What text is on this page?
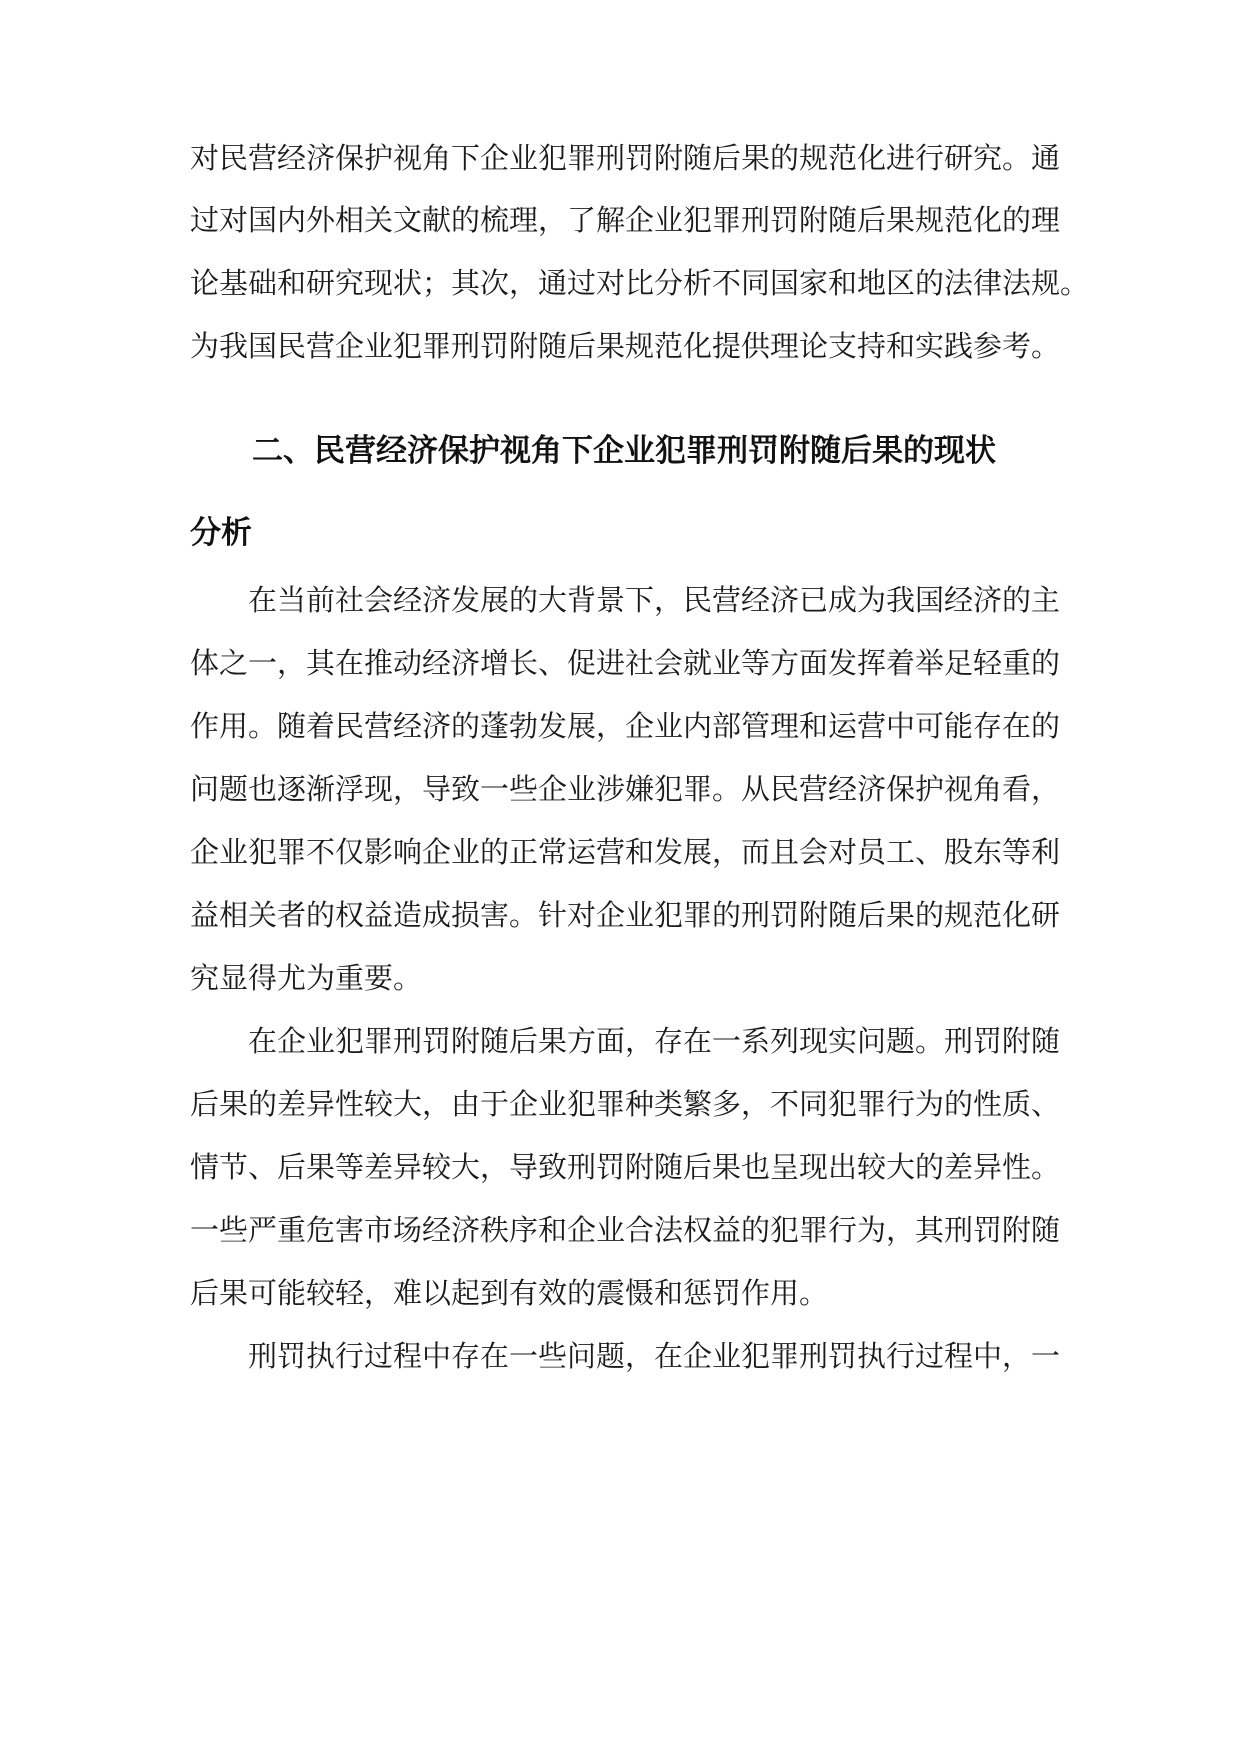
对民营经济保护视角下企业犯罪刑罚附随后果的规范化进行研究。通
过对国内外相关文献的梳理，了解企业犯罪刑罚附随后果规范化的理
论基础和研究现状；其次，通过对比分析不同国家和地区的法律法规。
为我国民营企业犯罪刑罚附随后果规范化提供理论支持和实践参考。
二、民营经济保护视角下企业犯罪刑罚附随后果的现状
分析
在当前社会经济发展的大背景下，民营经济已成为我国经济的主
体之一，其在推动经济增长、促进社会就业等方面发挥着举足轻重的
作用。随着民营经济的蓬勃发展，企业内部管理和运营中可能存在的
问题也逐渐浮现，导致一些企业涉嫌犯罪。从民营经济保护视角看，
企业犯罪不仅影响企业的正常运营和发展，而且会对员工、股东等利
益相关者的权益造成损害。针对企业犯罪的刑罚附随后果的规范化研
究显得尤为重要。
在企业犯罪刑罚附随后果方面，存在一系列现实问题。刑罚附随
后果的差异性较大，由于企业犯罪种类繁多，不同犯罪行为的性质、
情节、后果等差异较大，导致刑罚附随后果也呈现出较大的差异性。
一些严重危害市场经济秩序和企业合法权益的犯罪行为，其刑罚附随
后果可能较轻，难以起到有效的震慑和惩罚作用。
刑罚执行过程中存在一些问题，在企业犯罪刑罚执行过程中，一
